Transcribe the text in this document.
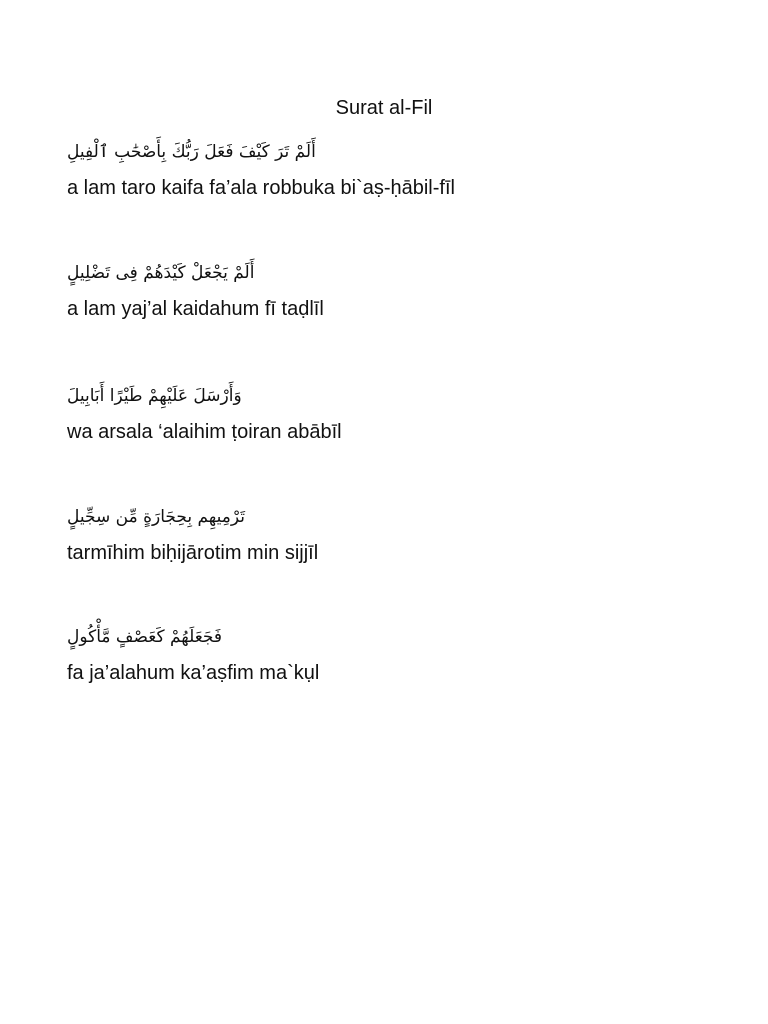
Surat al-Fil
أَلَمْ تَرَ كَيْفَ فَعَلَ رَبُّكَ بِأَصْحَٰبِ ٱلْفِيلِ
a lam taro kaifa fa’ala robbuka bi`aṣ-ḥābil-fīl
أَلَمْ يَجْعَلْ كَيْدَهُمْ فِى تَضْلِيلٍ
a lam yaj’al kaidahum fī taḍlīl
وَأَرْسَلَ عَلَيْهِمْ طَيْرًا أَبَابِيلَ
wa arsala ‘alaihim ṭoiran abābīl
تَرْمِيهِم بِحِجَارَةٍ مِّن سِجِّيلٍ
tarmīhim biḥijārotim min sijjīl
فَجَعَلَهُمْ كَعَصْفٍ مَّأْكُولٍ
fa ja’alahum ka’aṣfim ma`kụl
